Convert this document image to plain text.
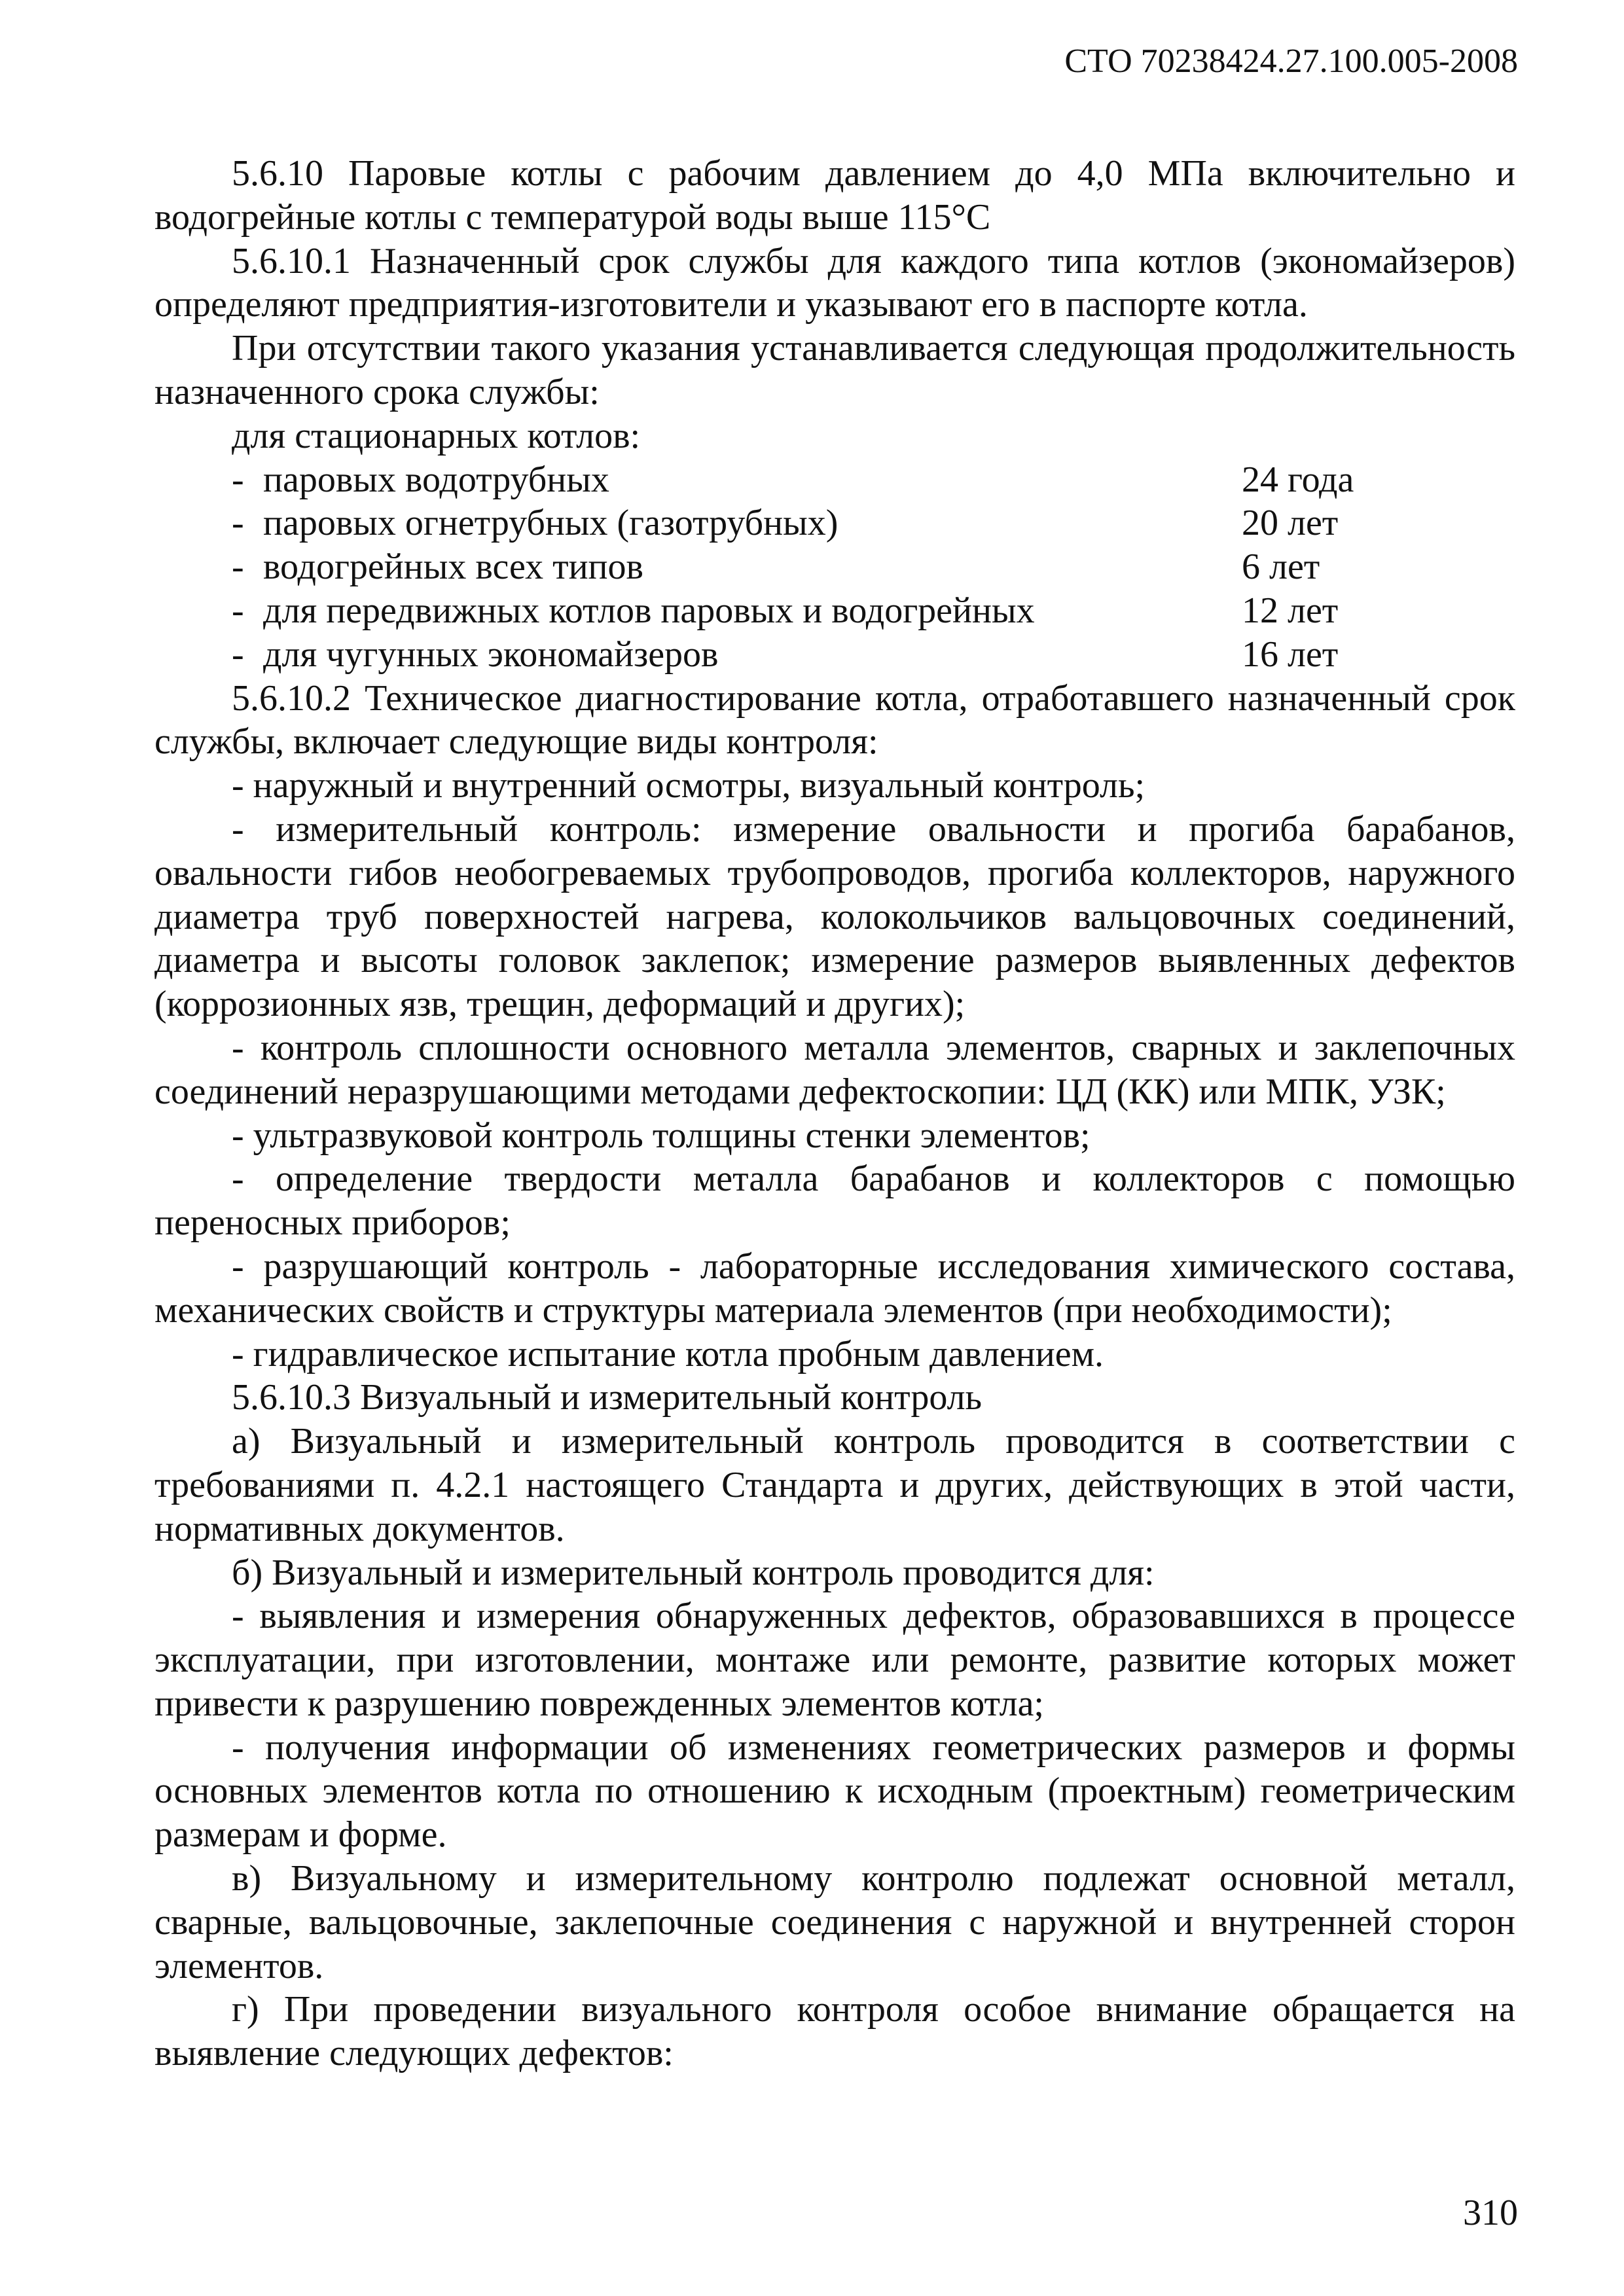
СТО 70238424.27.100.005-2008

5.6.10 Паровые котлы с рабочим давлением до 4,0 МПа включительно и водогрейные котлы с температурой воды выше 115°С

5.6.10.1 Назначенный срок службы для каждого типа котлов (экономайзеров) определяют предприятия-изготовители и указывают его в паспорте котла.

При отсутствии такого указания устанавливается следующая продолжительность назначенного срока службы:

для стационарных котлов:
- паровых водотрубных	24 года
- паровых огнетрубных (газотрубных)	20 лет
- водогрейных всех типов	6 лет
- для передвижных котлов паровых и водогрейных	12 лет
- для чугунных экономайзеров	16 лет

5.6.10.2 Техническое диагностирование котла, отработавшего назначенный срок службы, включает следующие виды контроля:

- наружный и внутренний осмотры, визуальный контроль;

- измерительный контроль: измерение овальности и прогиба барабанов, овальности гибов необогреваемых трубопроводов, прогиба коллекторов, наружного диаметра труб поверхностей нагрева, колокольчиков вальцовочных соединений, диаметра и высоты головок заклепок; измерение размеров выявленных дефектов (коррозионных язв, трещин, деформаций и других);

- контроль сплошности основного металла элементов, сварных и заклепочных соединений неразрушающими методами дефектоскопии: ЦД (КК) или МПК, УЗК;

- ультразвуковой контроль толщины стенки элементов;

- определение твердости металла барабанов и коллекторов с помощью переносных приборов;

- разрушающий контроль - лабораторные исследования химического состава, механических свойств и структуры материала элементов (при необходимости);

- гидравлическое испытание котла пробным давлением.

5.6.10.3 Визуальный и измерительный контроль

а) Визуальный и измерительный контроль проводится в соответствии с требованиями п. 4.2.1 настоящего Стандарта и других, действующих в этой части, нормативных документов.

б) Визуальный и измерительный контроль проводится для:

- выявления и измерения обнаруженных дефектов, образовавшихся в процессе эксплуатации, при изготовлении, монтаже или ремонте, развитие которых может привести к разрушению поврежденных элементов котла;

- получения информации об изменениях геометрических размеров и формы основных элементов котла по отношению к исходным (проектным) геометрическим размерам и форме.

в) Визуальному и измерительному контролю подлежат основной металл, сварные, вальцовочные, заклепочные соединения с наружной и внутренней сторон элементов.

г) При проведении визуального контроля особое внимание обращается на выявление следующих дефектов:

310
